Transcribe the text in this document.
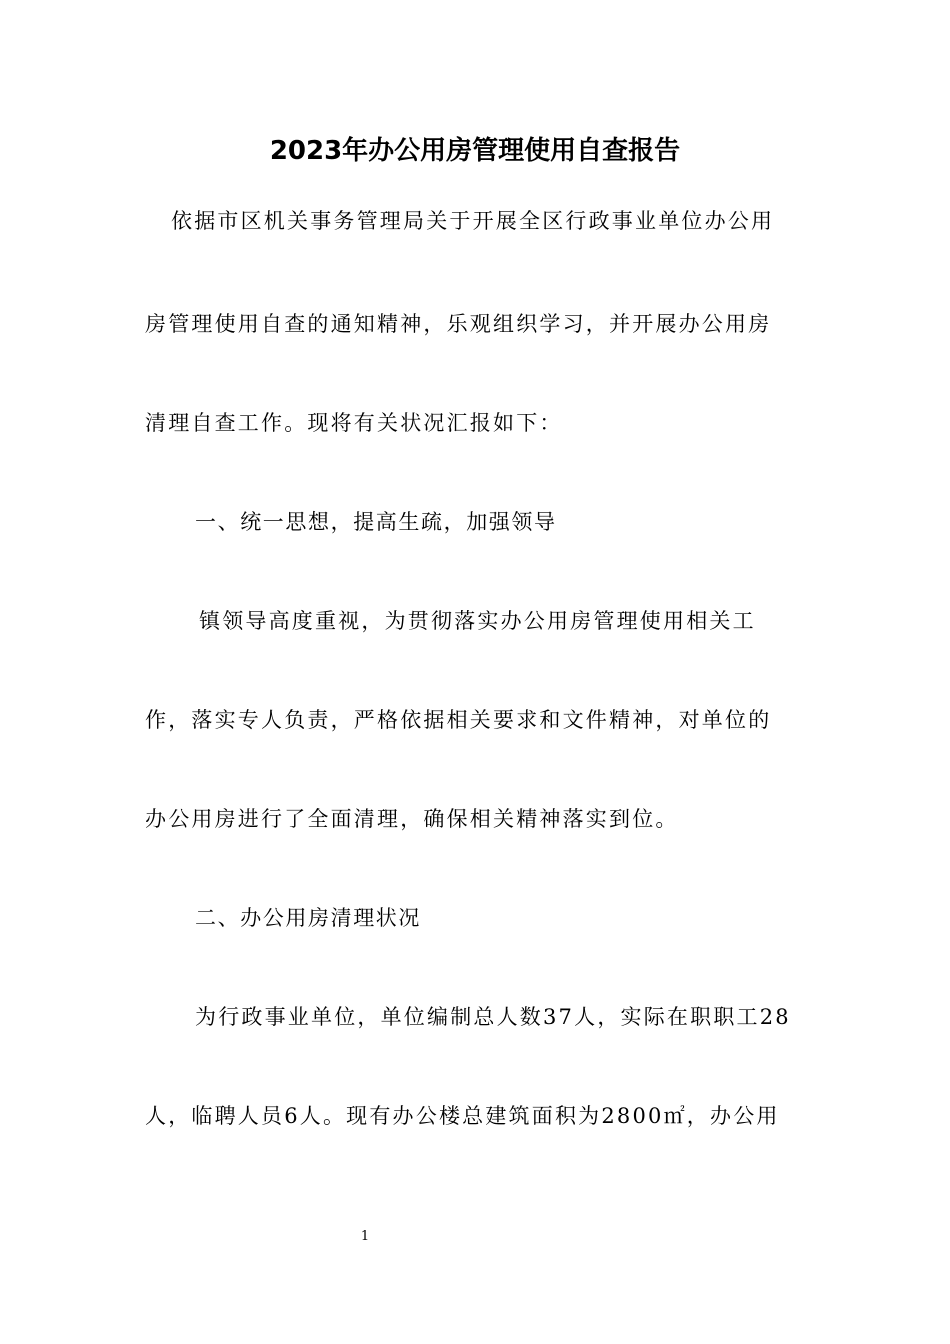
2023年办公用房管理使用自查报告
依据市区机关事务管理局关于开展全区行政事业单位办公用
房管理使用自查的通知精神，乐观组织学习，并开展办公用房
清理自查工作。现将有关状况汇报如下：
一、统一思想，提高生疏，加强领导
镇领导高度重视，为贯彻落实办公用房管理使用相关工
作，落实专人负责，严格依据相关要求和文件精神，对单位的
办公用房进行了全面清理，确保相关精神落实到位。
二、办公用房清理状况
为行政事业单位，单位编制总人数37人，实际在职职工28
人，临聘人员6人。现有办公楼总建筑面积为2800㎡，办公用
1
